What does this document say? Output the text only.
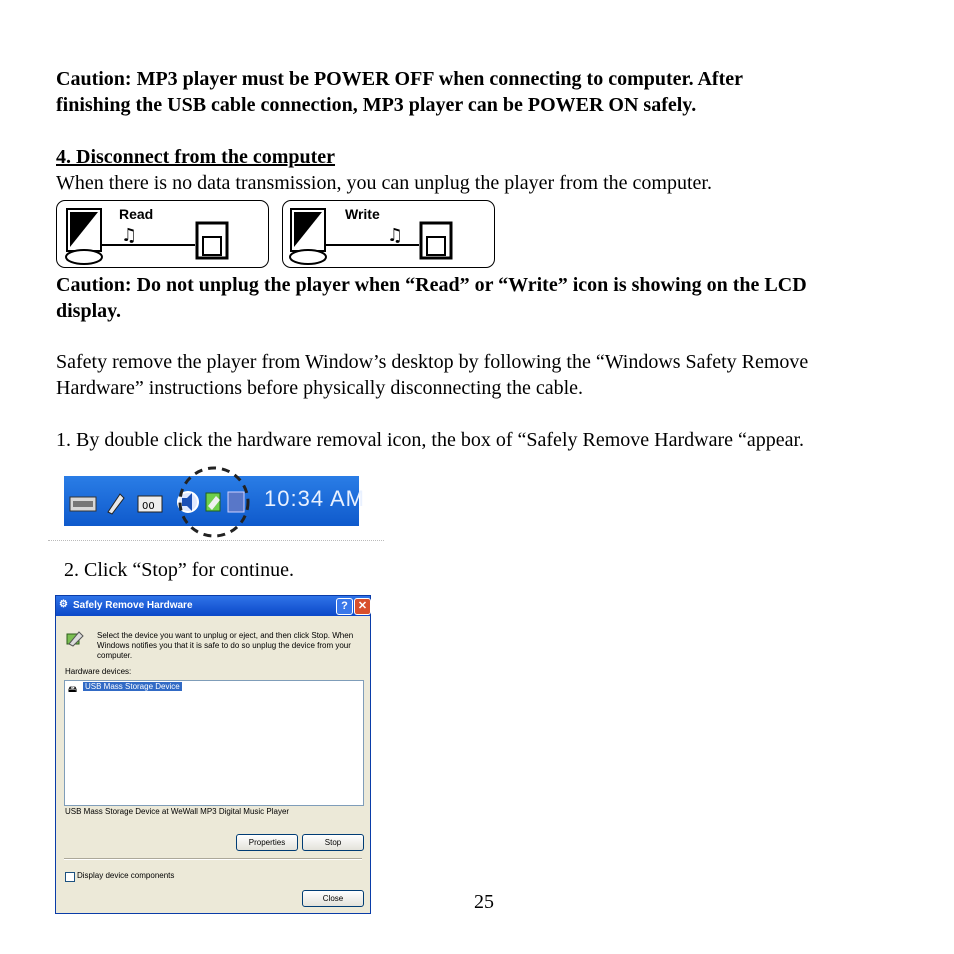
Caution: MP3 player must be POWER OFF when connecting to computer. After

finishing the USB cable connection, MP3 player can be POWER ON safely.

4. Disconnect from the computer

When there is no data transmission, you can unplug the player from the computer.

♫
Read
♫
Write

Caution: Do not unplug the player when “Read” or “Write” icon is showing on the LCD

display.

Safety remove the player from Window’s desktop by following the “Windows Safety Remove

Hardware” instructions before physically disconnecting the cable.

1. By double click the hardware removal icon, the box of “Safely Remove Hardware “appear.

00	10:34 AM

2. Click “Stop” for continue.

⚙ Safely Remove Hardware	? ✕
Select the device you want to unplug or eject, and then click Stop. When
Windows notifies you that it is safe to do so unplug the device from your
computer.
Hardware devices:
🖴 USB Mass Storage Device
USB Mass Storage Device at WeWall MP3 Digital Music Player
Properties	Stop
Display device components
Close	25
